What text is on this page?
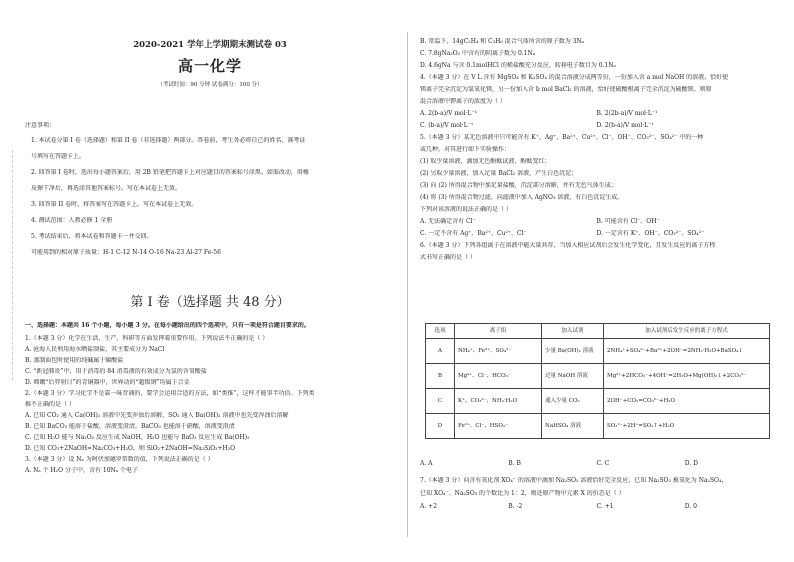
2020-2021 学年上学期期末测试卷 03
高一化学
（考试时间：90 分钟 试卷满分：100 分）
注意事项：
1. 本试卷分第 I 卷（选择题）和第 II 卷（非选择题）两部分。答卷前，考生务必将自己的姓名、准考证
号填写在答题卡上。
2. 回答第 I 卷时，选出每小题答案后，用 2B 铅笔把答题卡上对应题目的答案标号涂黑。如需改动，用橡
皮擦干净后，再选涂其他答案标号。写在本试卷上无效。
3. 回答第 II 卷时，将答案写在答题卡上。写在本试卷上无效。
4. 测试范围：人教必修 1 全册
5. 考试结束后，将本试卷和答题卡一并交回。
可能用到的相对原子质量：H-1 C-12 N-14 O-16 Na-23 Al-27 Fe-56
第 I 卷（选择题 共 48 分）
一、选择题：本题共 16 个小题，每小题 3 分。在每小题给出的四个选项中，只有一项是符合题目要求的。
1.（本题 3 分）化学在生活、生产、科研等方面发挥着重要作用。下列说法不正确的是（ ）
A. 沧海人民利用海水晒盐制盐，其主要成分为 NaCl
B. 蒸制面包时使用的纯碱属于碳酸盐
C. “新冠肺炎”中，用于消毒的 84 消毒液的有效成分为氯的含氧酸盐
D. 嫦娥“后羿射日”的青铜器中，世界动的“超级钢”均属于合金
2.（本题 3 分）学习化学不是靠一味背诵的，要学会运用合适的方法，如“类推”，这样才能事半功倍。下列类
推不正确的是（ ）
A. 已知 CO₂ 通入 Ca(OH)₂ 溶液中先变浑浊后溶解，SO₂ 通入 Ba(OH)₂ 溶液中也先变浑浊后溶解
B. 已知 BaCO₃ 能溶于盐酸，溶液变澄清，BaCO₃ 也能溶于硝酸，溶液变澄清
C. 已知 H₂O 能与 Na₂O₂ 反应生成 NaOH，H₂O 也能与 BaO₂ 反应生成 Ba(OH)₂
D. 已知 CO₂+2NaOH=Na₂CO₃+H₂O，则 SiO₂+2NaOH=Na₂SiO₃+H₂O
3.（本题 3 分）设 Nₐ 为阿伏加德罗常数的值，下列说法正确的是（ ）
A. Nₐ 个 H₂O 分子中，含有 10Nₐ 个电子
B. 常温下，14gC₂H₄ 和 C₃H₆ 混合气体所含的原子数为 3Nₐ
C. 7.8gNa₂O₂ 中含有的阴离子数为 0.1Nₐ
D. 4.6gNa 与含 0.1molHCl 的稀盐酸充分反应，转移电子数目为 0.1Nₐ
4.（本题 3 分）在 V L 含有 MgSO₄ 和 K₂SO₄ 的混合溶液分成两等份，一份加入含 a mol NaOH 的溶液，恰好使
镁离子完全沉淀为氢氧化镁，另一份加入含 b mol BaCl₂ 的溶液，恰好使硫酸根离子完全沉淀为硫酸钡。则原
混合溶液中钾离子的浓度为（ ）
A. 2(b-a)/V mol·L⁻¹	B. 2(2b-a)/V mol·L⁻¹
C. (b-a)/V mol·L⁻¹	D. 2(b-a)/V mol·L⁻¹
5.（本题 3 分）某无色溶液中只可能含有 K⁺、Ag⁺、Ba²⁺、Cu²⁺、Cl⁻、OH⁻、CO₃²⁻、SO₄²⁻ 中的一种
或几种，对其进行如下实验操作：
(1) 取少量溶液，滴加无色酚酞试液，酚酞变红；
(2) 另取少量溶液，加入足量 BaCl₂ 溶液，产生白色沉淀；
(3) 向 (2) 所得混合物中加足量盐酸，沉淀部分溶解，并有无色气体生成；
(4) 将 (3) 所得混合物过滤，向滤液中加入 AgNO₃ 溶液，有白色沉淀生成。
下列对该溶液的说法正确的是（ ）
A. 无法确定含有 Cl⁻	B. 可能含有 Cl⁻、OH⁻
C. 一定不含有 Ag⁺、Ba²⁺、Cu²⁺、Cl⁻	D. 一定含有 K⁺、OH⁻、CO₃²⁻、SO₄²⁻
6.（本题 3 分）下列各组离子在溶液中能大量共存，当加入相应试剂后会发生化学变化，且发生反应的离子方程
式书写正确的是（ ）
选项	离子组	加入试剂	加入试剂后发生反应的离子方程式
A	NH₄⁺、Fe³⁺、SO₄²⁻	少量 Ba(OH)₂ 溶液	2NH₄⁺+SO₄²⁻+Ba²⁺+2OH⁻=2NH₃·H₂O+BaSO₄↓
B	Mg²⁺、Cl⁻、HCO₃⁻	过量 NaOH 溶液	Mg²⁺+2HCO₃⁻+4OH⁻=2H₂O+Mg(OH)₂↓+2CO₃²⁻
C	K⁺、CO₃²⁻、NH₃·H₂O	通入少量 CO₂	2OH⁻+CO₂=CO₃²⁻+H₂O
D	Fe²⁺、Cl⁻、HSO₃⁻	NaHSO₄ 溶液	SO₃²⁻+2H⁺=SO₂↑+H₂O
A. A	B. B	C. C	D. D
7.（本题 3 分）向含有氧化剂 XO₄⁻ 的溶液中滴加 Na₂SO₃ 溶液恰好完全反应，已知 Na₂SO₃ 被氧化为 Na₂SO₄，
已知 XO₄⁻、Na₂SO₃ 的个数比为 1：2，则还原产物中元素 X 的价态是（ ）
A. +2	B. -2	C. +1	D. 0
